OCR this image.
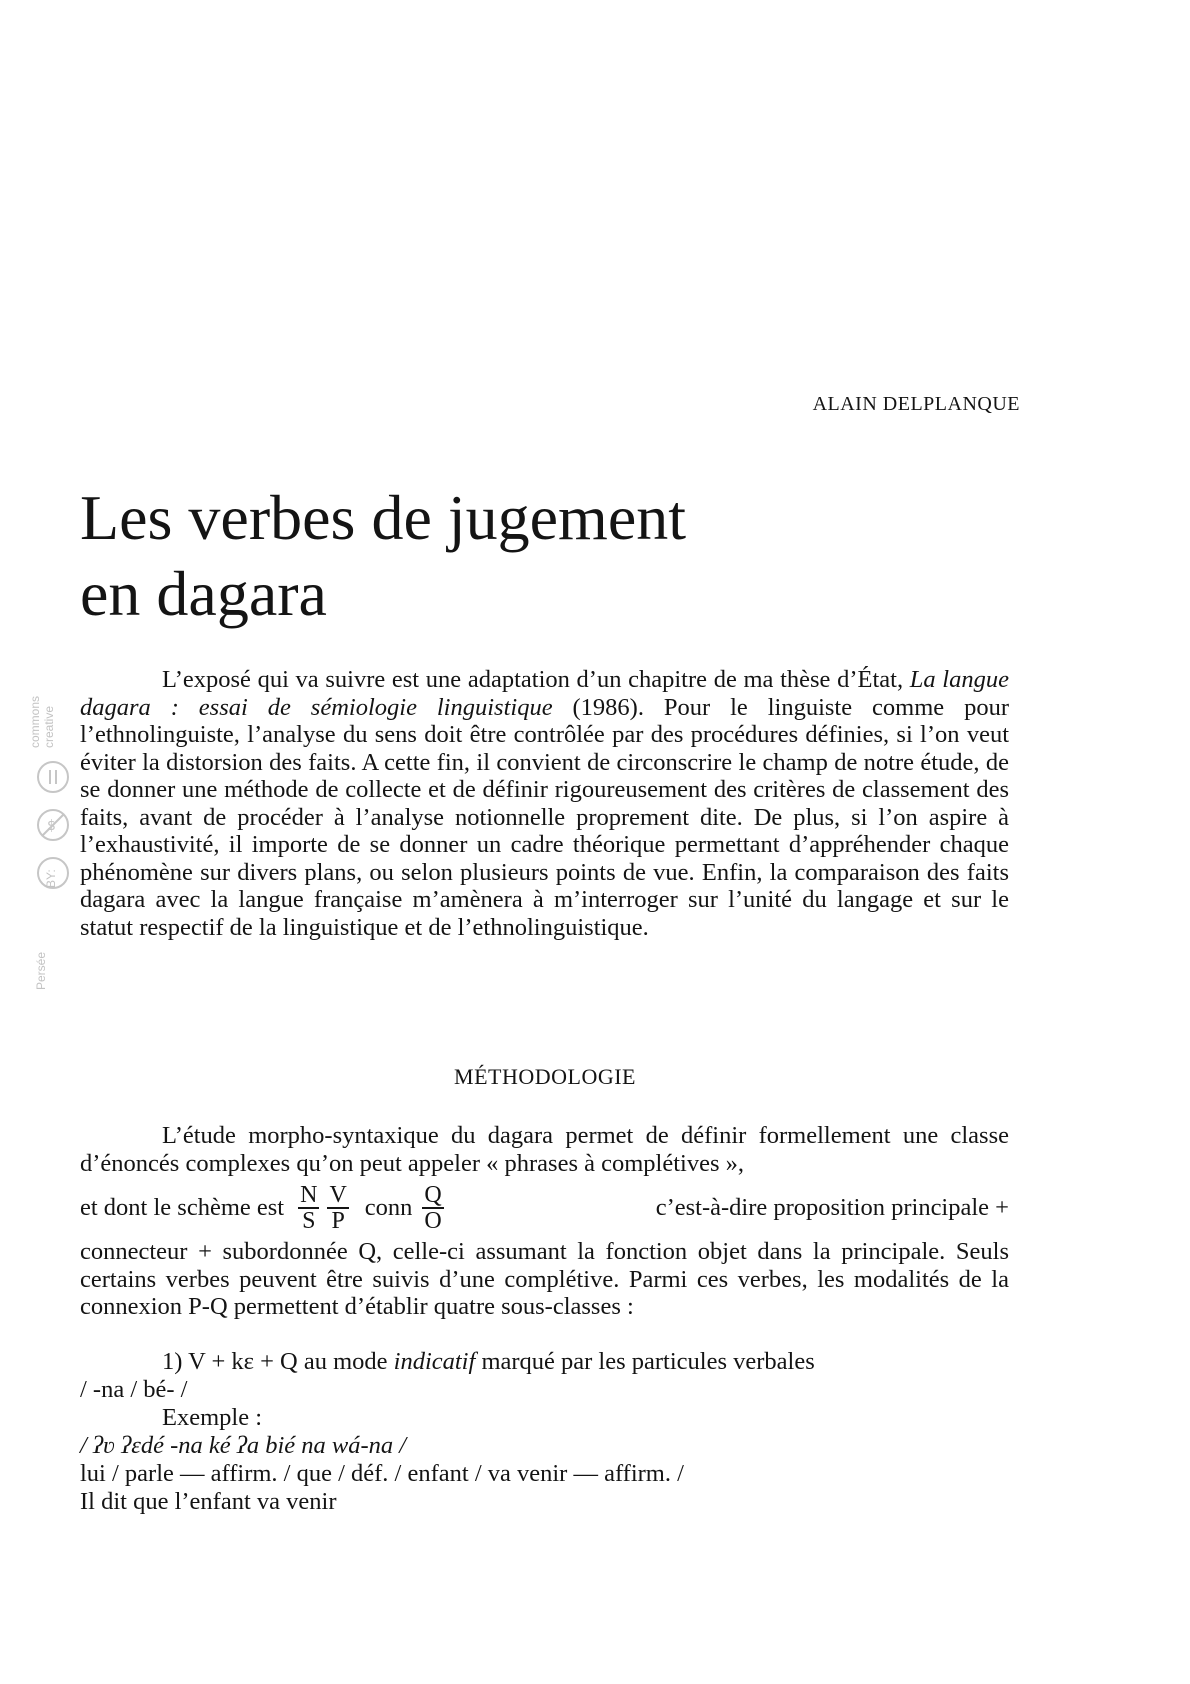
Persée
creative
commons
$
BY:
ALAIN DELPLANQUE
Les verbes de jugement
en dagara

L’exposé qui va suivre est une adaptation d’un chapitre de ma thèse d’État, La langue dagara : essai de sémiologie linguistique (1986). Pour le linguiste comme pour l’ethnolinguiste, l’analyse du sens doit être contrôlée par des procédures définies, si l’on veut éviter la distorsion des faits. A cette fin, il convient de circonscrire le champ de notre étude, de se donner une méthode de collecte et de définir rigoureusement des critères de classement des faits, avant de procéder à l’analyse notionnelle proprement dite. De plus, si l’on aspire à l’exhaustivité, il importe de se donner un cadre théorique permettant d’appréhender chaque phénomène sur divers plans, ou selon plusieurs points de vue. Enfin, la comparaison des faits dagara avec la langue française m’amènera à m’interroger sur l’unité du langage et sur le statut respectif de la linguistique et de l’ethnolinguistique.

MÉTHODOLOGIE

L’étude morpho-syntaxique du dagara permet de définir formellement une classe d’énoncés complexes qu’on peut appeler « phrases à complétives »,

et dont le schème est $\frac{N}{S} \frac{V}{P}$ conn $\frac{Q}{O}$	c’est-à-dire proposition principale +

connecteur + subordonnée Q, celle-ci assumant la fonction objet dans la principale. Seuls certains verbes peuvent être suivis d’une complétive. Parmi ces verbes, les modalités de la connexion P-Q permettent d’établir quatre sous-classes :

1) V + kɛ + Q au mode indicatif marqué par les particules verbales
/ -na / bé- /
Exemple :
/ ʔʋ ʔɛdé -na ké ʔa bié na wá-na /
lui / parle — affirm. / que / déf. / enfant / va venir — affirm. /
Il dit que l’enfant va venir
